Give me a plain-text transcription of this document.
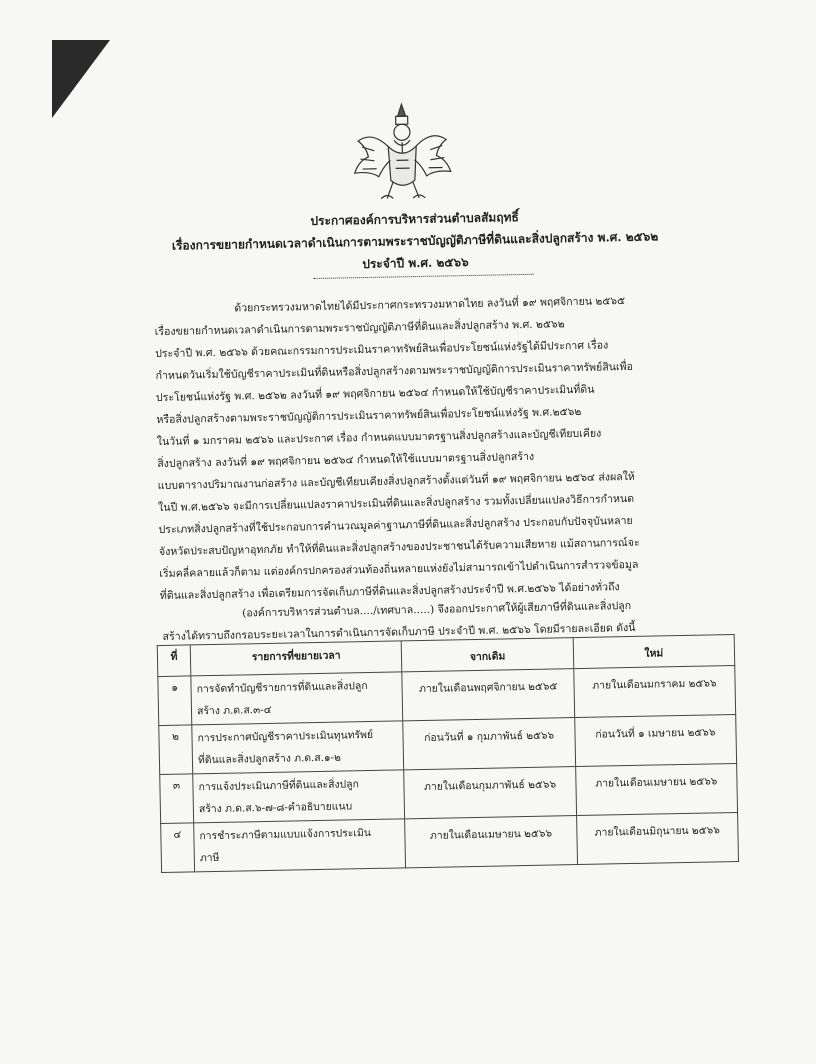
ประกาศองค์การบริหารส่วนตำบลสัมฤทธิ์
เรื่องการขยายกำหนดเวลาดำเนินการตามพระราชบัญญัติภาษีที่ดินและสิ่งปลูกสร้าง พ.ศ. ๒๕๖๒
ประจำปี พ.ศ. ๒๕๖๖
ด้วยกระทรวงมหาดไทยได้มีประกาศกระทรวงมหาดไทย ลงวันที่ ๑๙ พฤศจิกายน ๒๕๖๕
เรื่องขยายกำหนดเวลาดำเนินการตามพระราชบัญญัติภาษีที่ดินและสิ่งปลูกสร้าง พ.ศ. ๒๕๖๒
ประจำปี พ.ศ. ๒๕๖๖ ด้วยคณะกรรมการประเมินราคาทรัพย์สินเพื่อประโยชน์แห่งรัฐได้มีประกาศ เรื่อง
กำหนดวันเริ่มใช้บัญชีราคาประเมินที่ดินหรือสิ่งปลูกสร้างตามพระราชบัญญัติการประเมินราคาทรัพย์สินเพื่อ
ประโยชน์แห่งรัฐ พ.ศ. ๒๕๖๒ ลงวันที่ ๑๙ พฤศจิกายน ๒๕๖๔ กำหนดให้ใช้บัญชีราคาประเมินที่ดิน
หรือสิ่งปลูกสร้างตามพระราชบัญญัติการประเมินราคาทรัพย์สินเพื่อประโยชน์แห่งรัฐ พ.ศ.๒๕๖๒
ในวันที่ ๑ มกราคม ๒๕๖๖ และประกาศ เรื่อง กำหนดแบบมาตรฐานสิ่งปลูกสร้างและบัญชีเทียบเคียง
สิ่งปลูกสร้าง ลงวันที่ ๑๙ พฤศจิกายน ๒๕๖๔ กำหนดให้ใช้แบบมาตรฐานสิ่งปลูกสร้าง
แบบตารางปริมาณงานก่อสร้าง และบัญชีเทียบเคียงสิ่งปลูกสร้างตั้งแต่วันที่ ๑๙ พฤศจิกายน ๒๕๖๔ ส่งผลให้
ในปี พ.ศ.๒๕๖๖ จะมีการเปลี่ยนแปลงราคาประเมินที่ดินและสิ่งปลูกสร้าง รวมทั้งเปลี่ยนแปลงวิธีการกำหนด
ประเภทสิ่งปลูกสร้างที่ใช้ประกอบการคำนวณมูลค่าฐานภาษีที่ดินและสิ่งปลูกสร้าง ประกอบกับปัจจุบันหลาย
จังหวัดประสบปัญหาอุทกภัย ทำให้ที่ดินและสิ่งปลูกสร้างของประชาชนได้รับความเสียหาย แม้สถานการณ์จะ
เริ่มคลี่คลายแล้วก็ตาม แต่องค์กรปกครองส่วนท้องถิ่นหลายแห่งยังไม่สามารถเข้าไปดำเนินการสำรวจข้อมูล
ที่ดินและสิ่งปลูกสร้าง เพื่อเตรียมการจัดเก็บภาษีที่ดินและสิ่งปลูกสร้างประจำปี พ.ศ.๒๕๖๖ ได้อย่างทั่วถึง
(องค์การบริหารส่วนตำบล..../เทศบาล.....) จึงออกประกาศให้ผู้เสียภาษีที่ดินและสิ่งปลูก
สร้างได้ทราบถึงกรอบระยะเวลาในการดำเนินการจัดเก็บภาษี ประจำปี พ.ศ. ๒๕๖๖ โดยมีรายละเอียด ดังนี้
ที่	รายการที่ขยายเวลา	จากเดิม	ใหม่
๑	การจัดทำบัญชีรายการที่ดินและสิ่งปลูก
สร้าง ภ.ด.ส.๓-๔	ภายในเดือนพฤศจิกายน ๒๕๖๕	ภายในเดือนมกราคม ๒๕๖๖
๒	การประกาศบัญชีราคาประเมินทุนทรัพย์
ที่ดินและสิ่งปลูกสร้าง ภ.ด.ส.๑-๒	ก่อนวันที่ ๑ กุมภาพันธ์ ๒๕๖๖	ก่อนวันที่ ๑ เมษายน ๒๕๖๖
๓	การแจ้งประเมินภาษีที่ดินและสิ่งปลูก
สร้าง ภ.ด.ส.๖-๗-๘-คำอธิบายแนบ	ภายในเดือนกุมภาพันธ์ ๒๕๖๖	ภายในเดือนเมษายน ๒๕๖๖
๔	การชำระภาษีตามแบบแจ้งการประเมิน
ภาษี	ภายในเดือนเมษายน ๒๕๖๖	ภายในเดือนมิถุนายน ๒๕๖๖
